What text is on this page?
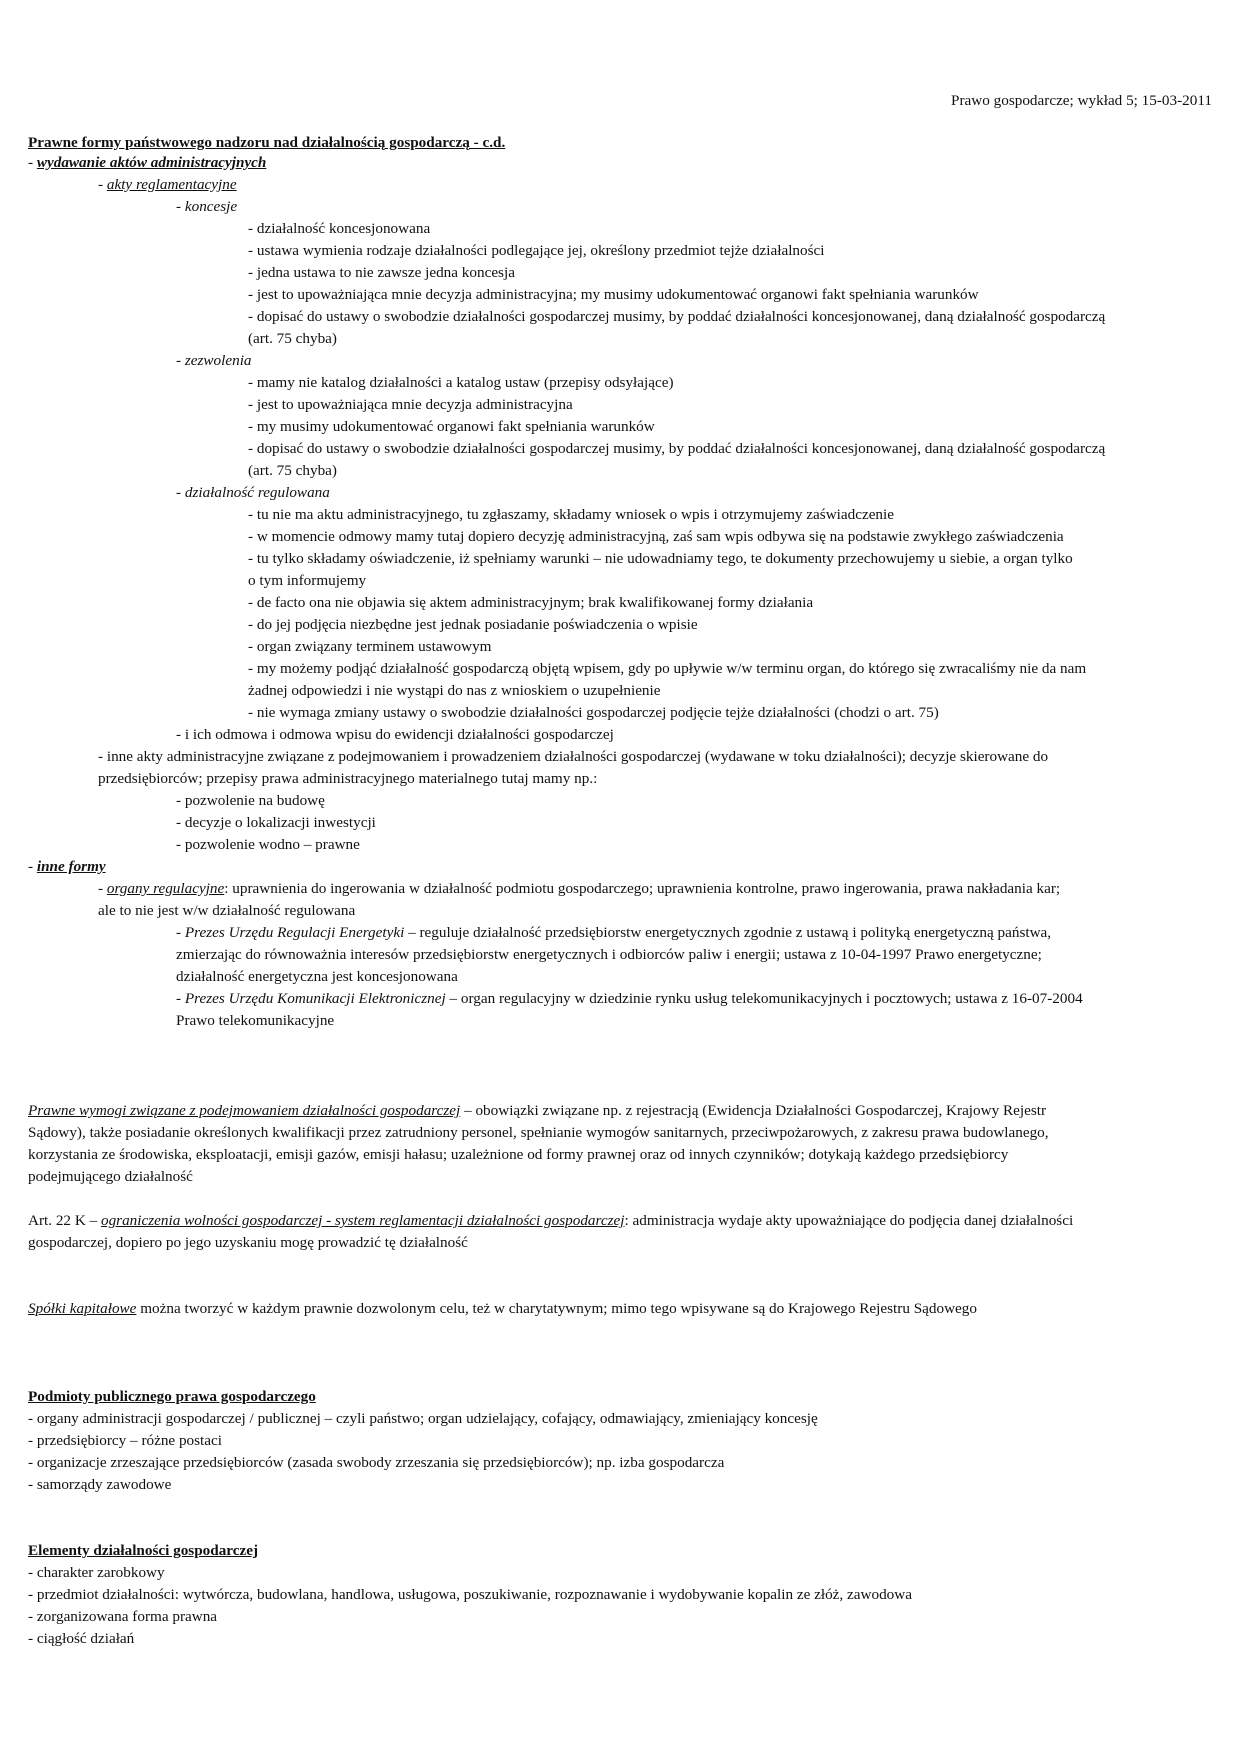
Prawo gospodarcze; wykład 5; 15-03-2011
Prawne formy państwowego nadzoru nad działalnością gospodarczą - c.d.
- wydawanie aktów administracyjnych
- akty reglamentacyjne
- koncesje
- działalność koncesjonowana
- ustawa wymienia rodzaje działalności podlegające jej, określony przedmiot tejże działalności
- jedna ustawa to nie zawsze jedna koncesja
- jest to upoważniająca mnie decyzja administracyjna; my musimy udokumentować organowi fakt spełniania warunków
- dopisać do ustawy o swobodzie działalności gospodarczej musimy, by poddać działalności koncesjonowanej, daną działalność gospodarczą
(art. 75 chyba)
- zezwolenia
- mamy nie katalog działalności a katalog ustaw (przepisy odsyłające)
- jest to upoważniająca mnie decyzja administracyjna
- my musimy udokumentować organowi fakt spełniania warunków
- dopisać do ustawy o swobodzie działalności gospodarczej musimy, by poddać działalności koncesjonowanej, daną działalność gospodarczą
(art. 75 chyba)
- działalność regulowana
- tu nie ma aktu administracyjnego, tu zgłaszamy, składamy wniosek o wpis i otrzymujemy zaświadczenie
- w momencie odmowy mamy tutaj dopiero decyzję administracyjną, zaś sam wpis odbywa się na podstawie zwykłego zaświadczenia
- tu tylko składamy oświadczenie, iż spełniamy warunki – nie udowadniamy tego, te dokumenty przechowujemy u siebie, a organ tylko
o tym informujemy
- de facto ona nie objawia się aktem administracyjnym; brak kwalifikowanej formy działania
- do jej podjęcia niezbędne jest jednak posiadanie poświadczenia o wpisie
- organ związany terminem ustawowym
- my możemy podjąć działalność gospodarczą objętą wpisem, gdy po upływie w/w terminu organ, do którego się zwracaliśmy nie da nam
żadnej odpowiedzi i nie wystąpi do nas z wnioskiem o uzupełnienie
- nie wymaga zmiany ustawy o swobodzie działalności gospodarczej podjęcie tejże działalności (chodzi o art. 75)
- i ich odmowa i odmowa wpisu do ewidencji działalności gospodarczej
- inne akty administracyjne związane z podejmowaniem i prowadzeniem działalności gospodarczej (wydawane w toku działalności); decyzje skierowane do
przedsiębiorców; przepisy prawa administracyjnego materialnego tutaj mamy np.:
- pozwolenie na budowę
- decyzje o lokalizacji inwestycji
- pozwolenie wodno – prawne
- inne formy
- organy regulacyjne: uprawnienia do ingerowania w działalność podmiotu gospodarczego; uprawnienia kontrolne, prawo ingerowania, prawa nakładania kar;
ale to nie jest w/w działalność regulowana
- Prezes Urzędu Regulacji Energetyki – reguluje działalność przedsiębiorstw energetycznych zgodnie z ustawą i polityką energetyczną państwa,
zmierzając do równoważnia interesów przedsiębiorstw energetycznych i odbiorców paliw i energii; ustawa z 10-04-1997 Prawo energetyczne;
działalność energetyczna jest koncesjonowana
- Prezes Urzędu Komunikacji Elektronicznej – organ regulacyjny w dziedzinie rynku usług telekomunikacyjnych i pocztowych; ustawa z 16-07-2004
Prawo telekomunikacyjne
Prawne wymogi związane z podejmowaniem działalności gospodarczej – obowiązki związane np. z rejestracją (Ewidencja Działalności Gospodarczej, Krajowy Rejestr
Sądowy), także posiadanie określonych kwalifikacji przez zatrudniony personel, spełnianie wymogów sanitarnych, przeciwpożarowych, z zakresu prawa budowlanego,
korzystania ze środowiska, eksploatacji, emisji gazów, emisji hałasu; uzależnione od formy prawnej oraz od innych czynników; dotykają każdego przedsiębiorcy
podejmującego działalność
Art. 22 K – ograniczenia wolności gospodarczej - system reglamentacji działalności gospodarczej: administracja wydaje akty upoważniające do podjęcia danej działalności
gospodarczej, dopiero po jego uzyskaniu mogę prowadzić tę działalność
Spółki kapitałowe można tworzyć w każdym prawnie dozwolonym celu, też w charytatywnym; mimo tego wpisywane są do Krajowego Rejestru Sądowego
Podmioty publicznego prawa gospodarczego
- organy administracji gospodarczej / publicznej – czyli państwo; organ udzielający, cofający, odmawiający, zmieniający koncesję
- przedsiębiorcy – różne postaci
- organizacje zrzeszające przedsiębiorców (zasada swobody zrzeszania się przedsiębiorców); np. izba gospodarcza
- samorządy zawodowe
Elementy działalności gospodarczej
- charakter zarobkowy
- przedmiot działalności: wytwórcza, budowlana, handlowa, usługowa, poszukiwanie, rozpoznawanie i wydobywanie kopalin ze złóż, zawodowa
- zorganizowana forma prawna
- ciągłość działań
